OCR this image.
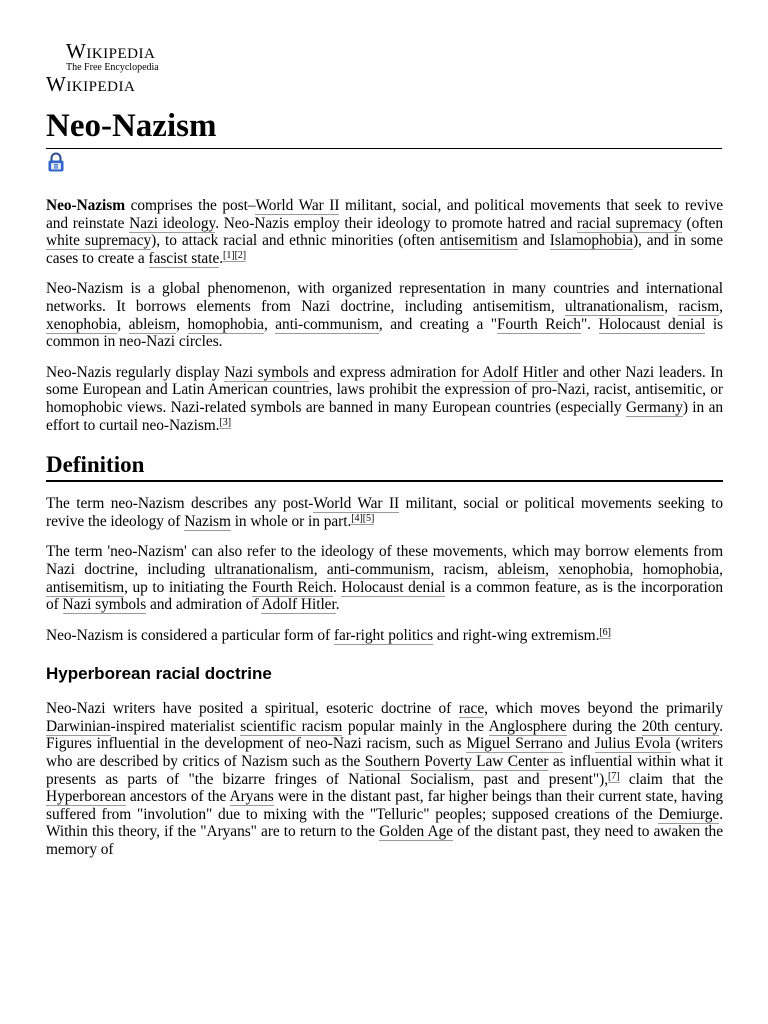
Wikipedia
The Free Encyclopedia
Wikipedia
Neo-Nazism

Neo-Nazism comprises the post–World War II militant, social, and political movements that seek to revive and reinstate Nazi ideology. Neo-Nazis employ their ideology to promote hatred and racial supremacy (often white supremacy), to attack racial and ethnic minorities (often antisemitism and Islamophobia), and in some cases to create a fascist state.[1][2]

Neo-Nazism is a global phenomenon, with organized representation in many countries and international networks. It borrows elements from Nazi doctrine, including antisemitism, ultranationalism, racism, xenophobia, ableism, homophobia, anti-communism, and creating a "Fourth Reich". Holocaust denial is common in neo-Nazi circles.

Neo-Nazis regularly display Nazi symbols and express admiration for Adolf Hitler and other Nazi leaders. In some European and Latin American countries, laws prohibit the expression of pro-Nazi, racist, antisemitic, or homophobic views. Nazi-related symbols are banned in many European countries (especially Germany) in an effort to curtail neo-Nazism.[3]

Definition

The term neo-Nazism describes any post-World War II militant, social or political movements seeking to revive the ideology of Nazism in whole or in part.[4][5]

The term 'neo-Nazism' can also refer to the ideology of these movements, which may borrow elements from Nazi doctrine, including ultranationalism, anti-communism, racism, ableism, xenophobia, homophobia, antisemitism, up to initiating the Fourth Reich. Holocaust denial is a common feature, as is the incorporation of Nazi symbols and admiration of Adolf Hitler.

Neo-Nazism is considered a particular form of far-right politics and right-wing extremism.[6]

Hyperborean racial doctrine

Neo-Nazi writers have posited a spiritual, esoteric doctrine of race, which moves beyond the primarily Darwinian-inspired materialist scientific racism popular mainly in the Anglosphere during the 20th century. Figures influential in the development of neo-Nazi racism, such as Miguel Serrano and Julius Evola (writers who are described by critics of Nazism such as the Southern Poverty Law Center as influential within what it presents as parts of "the bizarre fringes of National Socialism, past and present"),[7] claim that the Hyperborean ancestors of the Aryans were in the distant past, far higher beings than their current state, having suffered from "involution" due to mixing with the "Telluric" peoples; supposed creations of the Demiurge. Within this theory, if the "Aryans" are to return to the Golden Age of the distant past, they need to awaken the memory of
